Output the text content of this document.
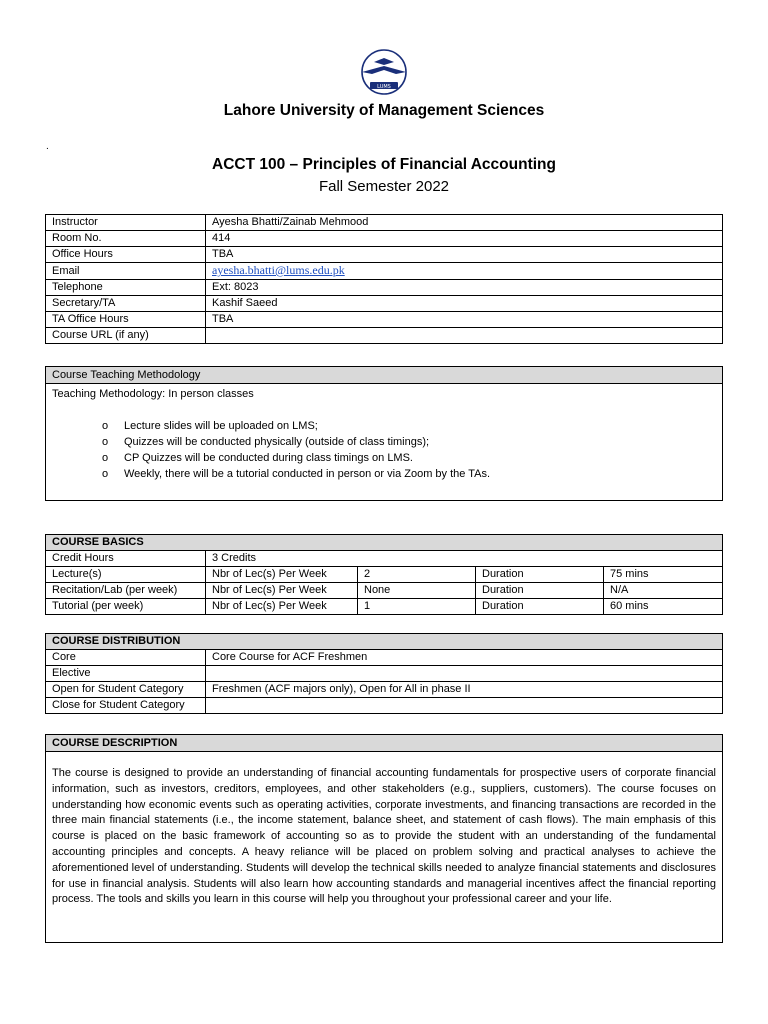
LUMS
Lahore University of Management Sciences
.
ACCT 100 – Principles of Financial Accounting
Fall Semester 2022
Instructor	Ayesha Bhatti/Zainab Mehmood
Room No.	414
Office Hours	TBA
Email	ayesha.bhatti@lums.edu.pk
Telephone	Ext: 8023
Secretary/TA	Kashif Saeed
TA Office Hours	TBA
Course URL (if any)	
Course Teaching Methodology
Teaching Methodology: In person classes
o Lecture slides will be uploaded on LMS;
o Quizzes will be conducted physically (outside of class timings);
o CP Quizzes will be conducted during class timings on LMS.
o Weekly, there will be a tutorial conducted in person or via Zoom by the TAs.
COURSE BASICS				
Credit Hours	3 Credits			
Lecture(s)	Nbr of Lec(s) Per Week	2	Duration	75 mins
Recitation/Lab (per week)	Nbr of Lec(s) Per Week	None	Duration	N/A
Tutorial (per week)	Nbr of Lec(s) Per Week	1	Duration	60 mins
COURSE DISTRIBUTION	
Core	Core Course for ACF Freshmen
Elective	
Open for Student Category	Freshmen (ACF majors only), Open for All in phase II
Close for Student Category	
COURSE DESCRIPTION
The course is designed to provide an understanding of financial accounting fundamentals for prospective users of corporate financial information, such as investors, creditors, employees, and other stakeholders (e.g., suppliers, customers). The course focuses on understanding how economic events such as operating activities, corporate investments, and financing transactions are recorded in the three main financial statements (i.e., the income statement, balance sheet, and statement of cash flows). The main emphasis of this course is placed on the basic framework of accounting so as to provide the student with an understanding of the fundamental accounting principles and concepts. A heavy reliance will be placed on problem solving and practical analyses to achieve the aforementioned level of understanding. Students will develop the technical skills needed to analyze financial statements and disclosures for use in financial analysis. Students will also learn how accounting standards and managerial incentives affect the financial reporting process. The tools and skills you learn in this course will help you throughout your professional career and your life.
